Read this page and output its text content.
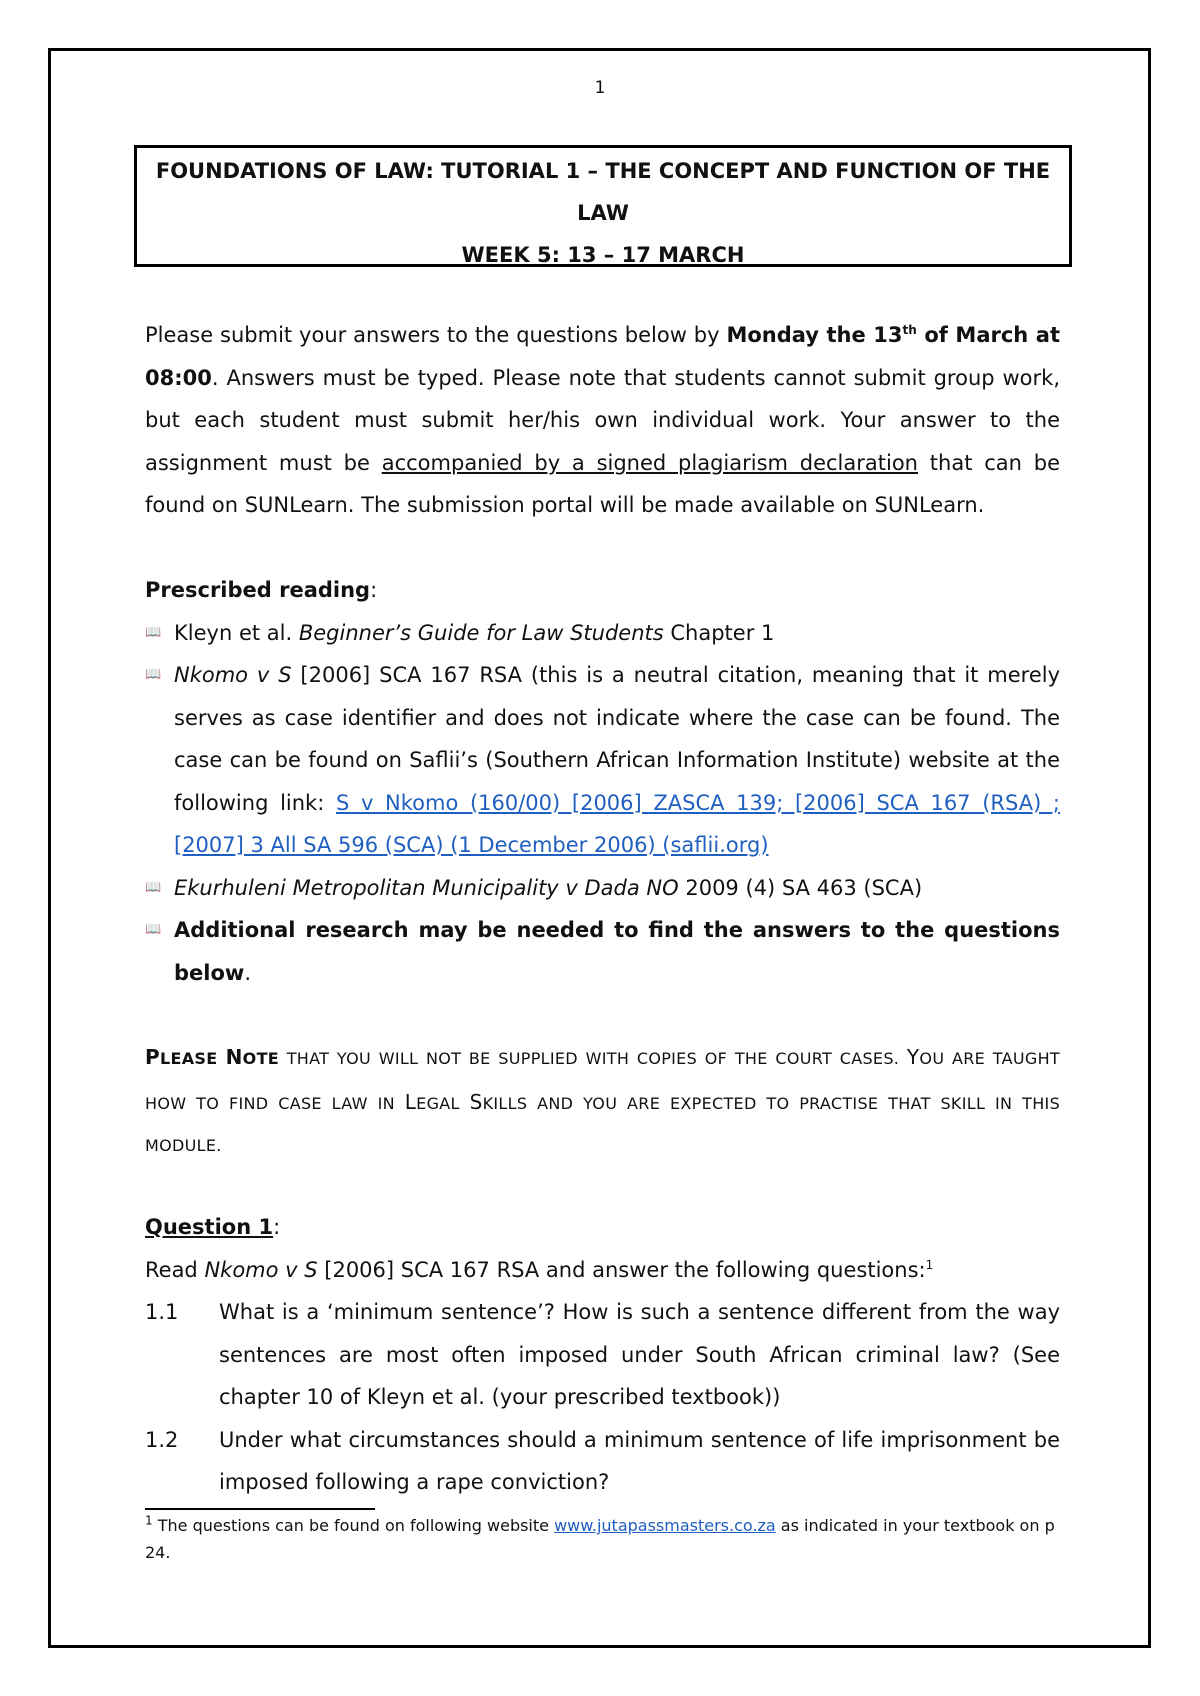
1
FOUNDATIONS OF LAW: TUTORIAL 1 – THE CONCEPT AND FUNCTION OF THE
LAW
WEEK 5: 13 – 17 MARCH
Please submit your answers to the questions below by Monday the 13th of March at 08:00. Answers must be typed. Please note that students cannot submit group work, but each student must submit her/his own individual work. Your answer to the assignment must be accompanied by a signed plagiarism declaration that can be found on SUNLearn. The submission portal will be made available on SUNLearn.
Prescribed reading:
📖 Kleyn et al. Beginner’s Guide for Law Students Chapter 1
📖 Nkomo v S [2006] SCA 167 RSA (this is a neutral citation, meaning that it merely serves as case identifier and does not indicate where the case can be found. The case can be found on Saflii’s (Southern African Information Institute) website at the following link: S v Nkomo (160/00) [2006] ZASCA 139; [2006] SCA 167 (RSA) ; [2007] 3 All SA 596 (SCA) (1 December 2006) (saflii.org)
📖 Ekurhuleni Metropolitan Municipality v Dada NO 2009 (4) SA 463 (SCA)
📖 Additional research may be needed to find the answers to the questions below.
PLEASE NOTE THAT YOU WILL NOT BE SUPPLIED WITH COPIES OF THE COURT CASES. YOU ARE TAUGHT HOW TO FIND CASE LAW IN LEGAL SKILLS AND YOU ARE EXPECTED TO PRACTISE THAT SKILL IN THIS MODULE.
Question 1:
Read Nkomo v S [2006] SCA 167 RSA and answer the following questions:$^1$
1.1	What is a ‘minimum sentence’? How is such a sentence different from the way sentences are most often imposed under South African criminal law? (See chapter 10 of Kleyn et al. (your prescribed textbook))
1.2	Under what circumstances should a minimum sentence of life imprisonment be imposed following a rape conviction?
$^1$ The questions can be found on following website www.jutapassmasters.co.za as indicated in your textbook on p 24.
